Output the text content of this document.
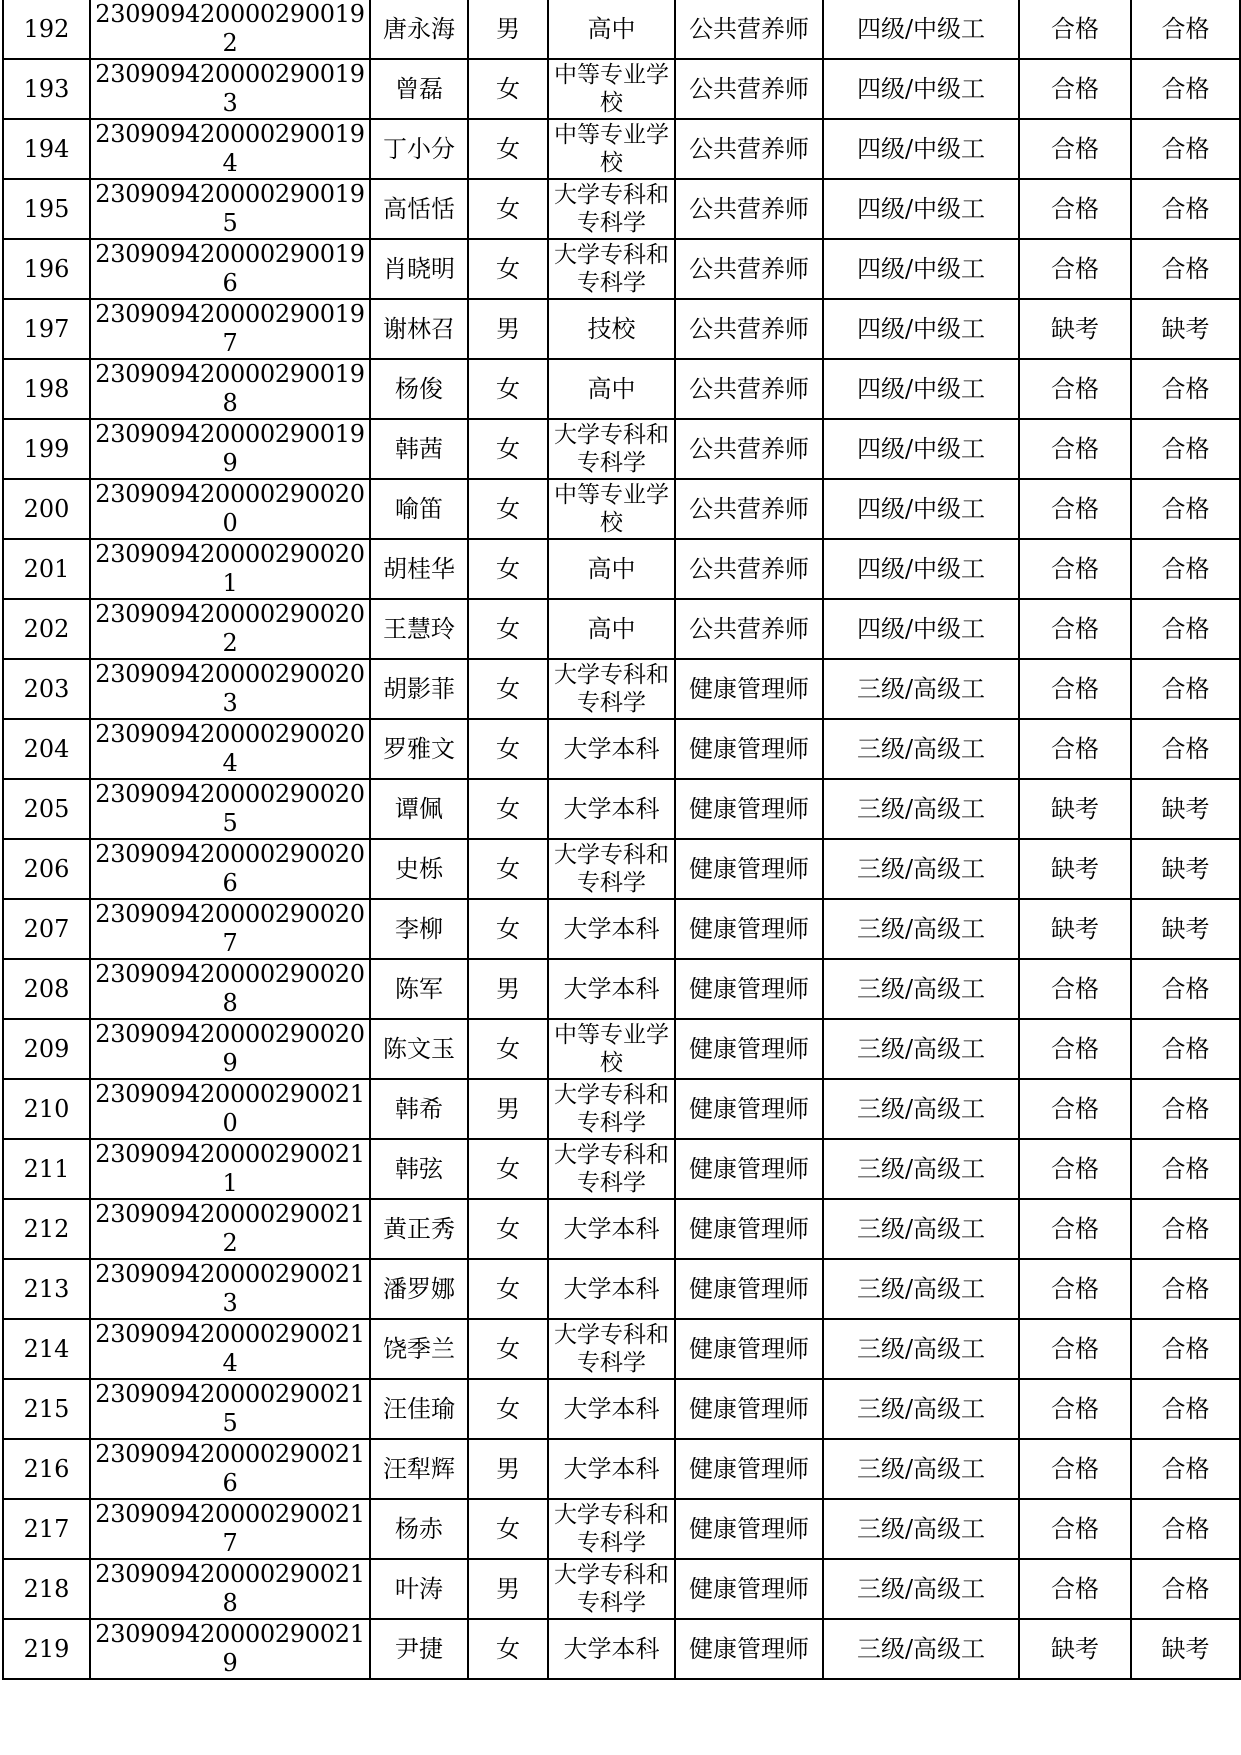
192	2309094200002900192	唐永海	男	高中	公共营养师	四级/中级工	合格	合格
193	2309094200002900193	曾磊	女	中等专业学校	公共营养师	四级/中级工	合格	合格
194	2309094200002900194	丁小分	女	中等专业学校	公共营养师	四级/中级工	合格	合格
195	2309094200002900195	高恬恬	女	大学专科和专科学	公共营养师	四级/中级工	合格	合格
196	2309094200002900196	肖晓明	女	大学专科和专科学	公共营养师	四级/中级工	合格	合格
197	2309094200002900197	谢林召	男	技校	公共营养师	四级/中级工	缺考	缺考
198	2309094200002900198	杨俊	女	高中	公共营养师	四级/中级工	合格	合格
199	2309094200002900199	韩茜	女	大学专科和专科学	公共营养师	四级/中级工	合格	合格
200	2309094200002900200	喻笛	女	中等专业学校	公共营养师	四级/中级工	合格	合格
201	2309094200002900201	胡桂华	女	高中	公共营养师	四级/中级工	合格	合格
202	2309094200002900202	王慧玲	女	高中	公共营养师	四级/中级工	合格	合格
203	2309094200002900203	胡影菲	女	大学专科和专科学	健康管理师	三级/高级工	合格	合格
204	2309094200002900204	罗雅文	女	大学本科	健康管理师	三级/高级工	合格	合格
205	2309094200002900205	谭佩	女	大学本科	健康管理师	三级/高级工	缺考	缺考
206	2309094200002900206	史栎	女	大学专科和专科学	健康管理师	三级/高级工	缺考	缺考
207	2309094200002900207	李柳	女	大学本科	健康管理师	三级/高级工	缺考	缺考
208	2309094200002900208	陈军	男	大学本科	健康管理师	三级/高级工	合格	合格
209	2309094200002900209	陈文玉	女	中等专业学校	健康管理师	三级/高级工	合格	合格
210	2309094200002900210	韩希	男	大学专科和专科学	健康管理师	三级/高级工	合格	合格
211	2309094200002900211	韩弦	女	大学专科和专科学	健康管理师	三级/高级工	合格	合格
212	2309094200002900212	黄正秀	女	大学本科	健康管理师	三级/高级工	合格	合格
213	2309094200002900213	潘罗娜	女	大学本科	健康管理师	三级/高级工	合格	合格
214	2309094200002900214	饶季兰	女	大学专科和专科学	健康管理师	三级/高级工	合格	合格
215	2309094200002900215	汪佳瑜	女	大学本科	健康管理师	三级/高级工	合格	合格
216	2309094200002900216	汪犁辉	男	大学本科	健康管理师	三级/高级工	合格	合格
217	2309094200002900217	杨赤	女	大学专科和专科学	健康管理师	三级/高级工	合格	合格
218	2309094200002900218	叶涛	男	大学专科和专科学	健康管理师	三级/高级工	合格	合格
219	2309094200002900219	尹捷	女	大学本科	健康管理师	三级/高级工	缺考	缺考
